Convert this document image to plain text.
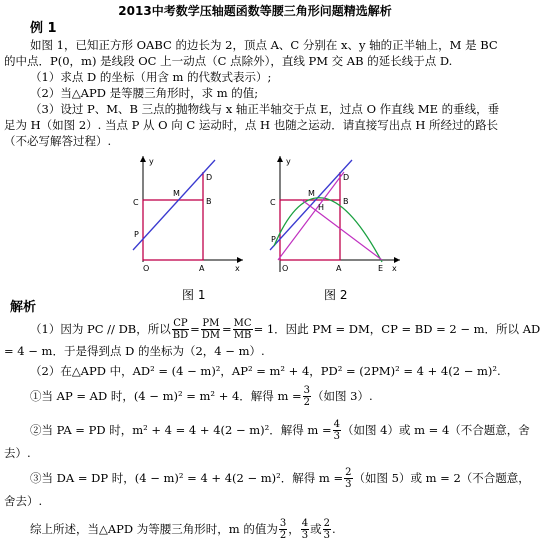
2013中考数学压轴题函数等腰三角形问题精选解析
例 1
如图 1，已知正方形 OABC 的边长为 2，顶点 A、C 分别在 x、y 轴的正半轴上，M 是 BC
的中点．P(0，m) 是线段 OC 上一动点（C 点除外），直线 PM 交 AB 的延长线于点 D.
（1）求点 D 的坐标（用含 m 的代数式表示）;
（2）当△APD 是等腰三角形时，求 m 的值;
（3）设过 P、M、B 三点的抛物线与 x 轴正半轴交于点 E，过点 O 作直线 ME 的垂线，垂
足为 H（如图 2）. 当点 P 从 O 向 C 运动时，点 H 也随之运动．请直接写出点 H 所经过的路长
（不必写解答过程）.
y
x
C
P
O	A
B
M
D
y
x
C
P
O	A
B
M
H
D
E
图 1	图 2
解析
（1）因为 PC // DB，所以 $\frac{CP}{BD} = \frac{PM}{DM} = \frac{MC}{MB} = 1$ ．因此 PM = DM，CP = BD = 2 − m．所以 AD
= 4 − m．于是得到点 D 的坐标为（2，4 − m）.
（2）在△APD 中，AD² = (4 − m)²，AP² = m² + 4，PD² = (2PM)² = 4 + 4(2 − m)².
①当 AP = AD 时，(4 − m)² = m² + 4．解得 $m = \frac{3}{2}$ （如图 3）.
②当 PA = PD 时，m² + 4 = 4 + 4(2 − m)²．解得 $m = \frac{4}{3}$ （如图 4）或 m = 4（不合题意，舍
去）.
③当 DA = DP 时，(4 − m)² = 4 + 4(2 − m)²．解得 $m = \frac{2}{3}$ （如图 5）或 m = 2（不合题意，
舍去）.
综上所述，当△APD 为等腰三角形时，m 的值为 $\frac{3}{2}$ ， $\frac{4}{3}$ 或 $\frac{2}{3}$ .
